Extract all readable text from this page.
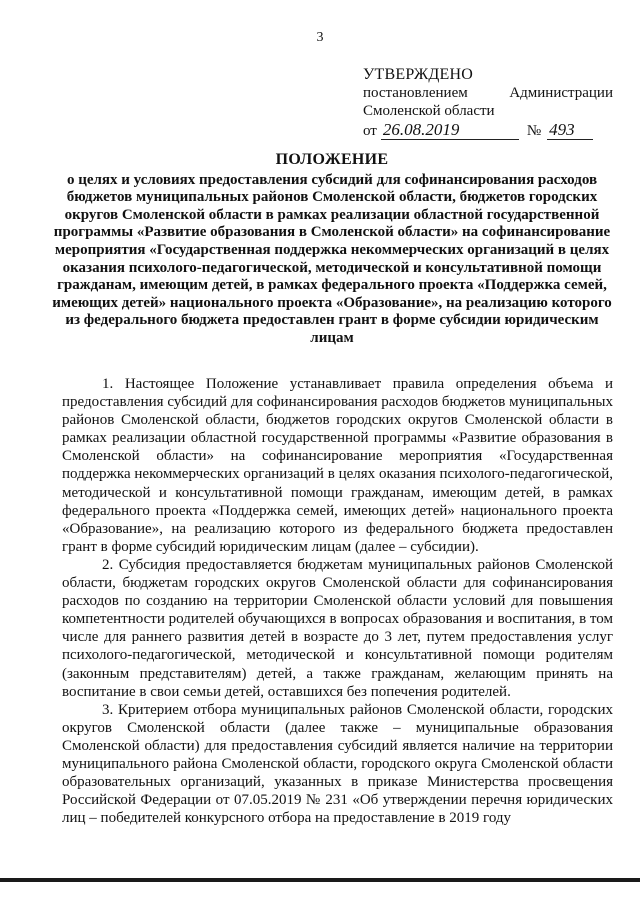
3
УТВЕРЖДЕНО
постановлением	Администрации
Смоленской области
от 26.08.2019	№ 493
ПОЛОЖЕНИЕ
о целях и условиях предоставления субсидий для софинансирования расходов бюджетов муниципальных районов Смоленской области, бюджетов городских округов Смоленской области в рамках реализации областной государственной программы «Развитие образования в Смоленской области» на софинансирование мероприятия «Государственная поддержка некоммерческих организаций в целях оказания психолого-педагогической, методической и консультативной помощи гражданам, имеющим детей, в рамках федерального проекта «Поддержка семей, имеющих детей» национального проекта «Образование», на реализацию которого из федерального бюджета предоставлен грант в форме субсидии юридическим лицам

1. Настоящее Положение устанавливает правила определения объема и предоставления субсидий для софинансирования расходов бюджетов муниципальных районов Смоленской области, бюджетов городских округов Смоленской области в рамках реализации областной государственной программы «Развитие образования в Смоленской области» на софинансирование мероприятия «Государственная поддержка некоммерческих организаций в целях оказания психолого-педагогической, методической и консультативной помощи гражданам, имеющим детей, в рамках федерального проекта «Поддержка семей, имеющих детей» национального проекта «Образование», на реализацию которого из федерального бюджета предоставлен грант в форме субсидий юридическим лицам (далее – субсидии).

2. Субсидия предоставляется бюджетам муниципальных районов Смоленской области, бюджетам городских округов Смоленской области для софинансирования расходов по созданию на территории Смоленской области условий для повышения компетентности родителей обучающихся в вопросах образования и воспитания, в том числе для раннего развития детей в возрасте до 3 лет, путем предоставления услуг психолого-педагогической, методической и консультативной помощи родителям (законным представителям) детей, а также гражданам, желающим принять на воспитание в свои семьи детей, оставшихся без попечения родителей.

3. Критерием отбора муниципальных районов Смоленской области, городских округов Смоленской области (далее также – муниципальные образования Смоленской области) для предоставления субсидий является наличие на территории муниципального района Смоленской области, городского округа Смоленской области образовательных организаций, указанных в приказе Министерства просвещения Российской Федерации от 07.05.2019 № 231 «Об утверждении перечня юридических лиц – победителей конкурсного отбора на предоставление в 2019 году
